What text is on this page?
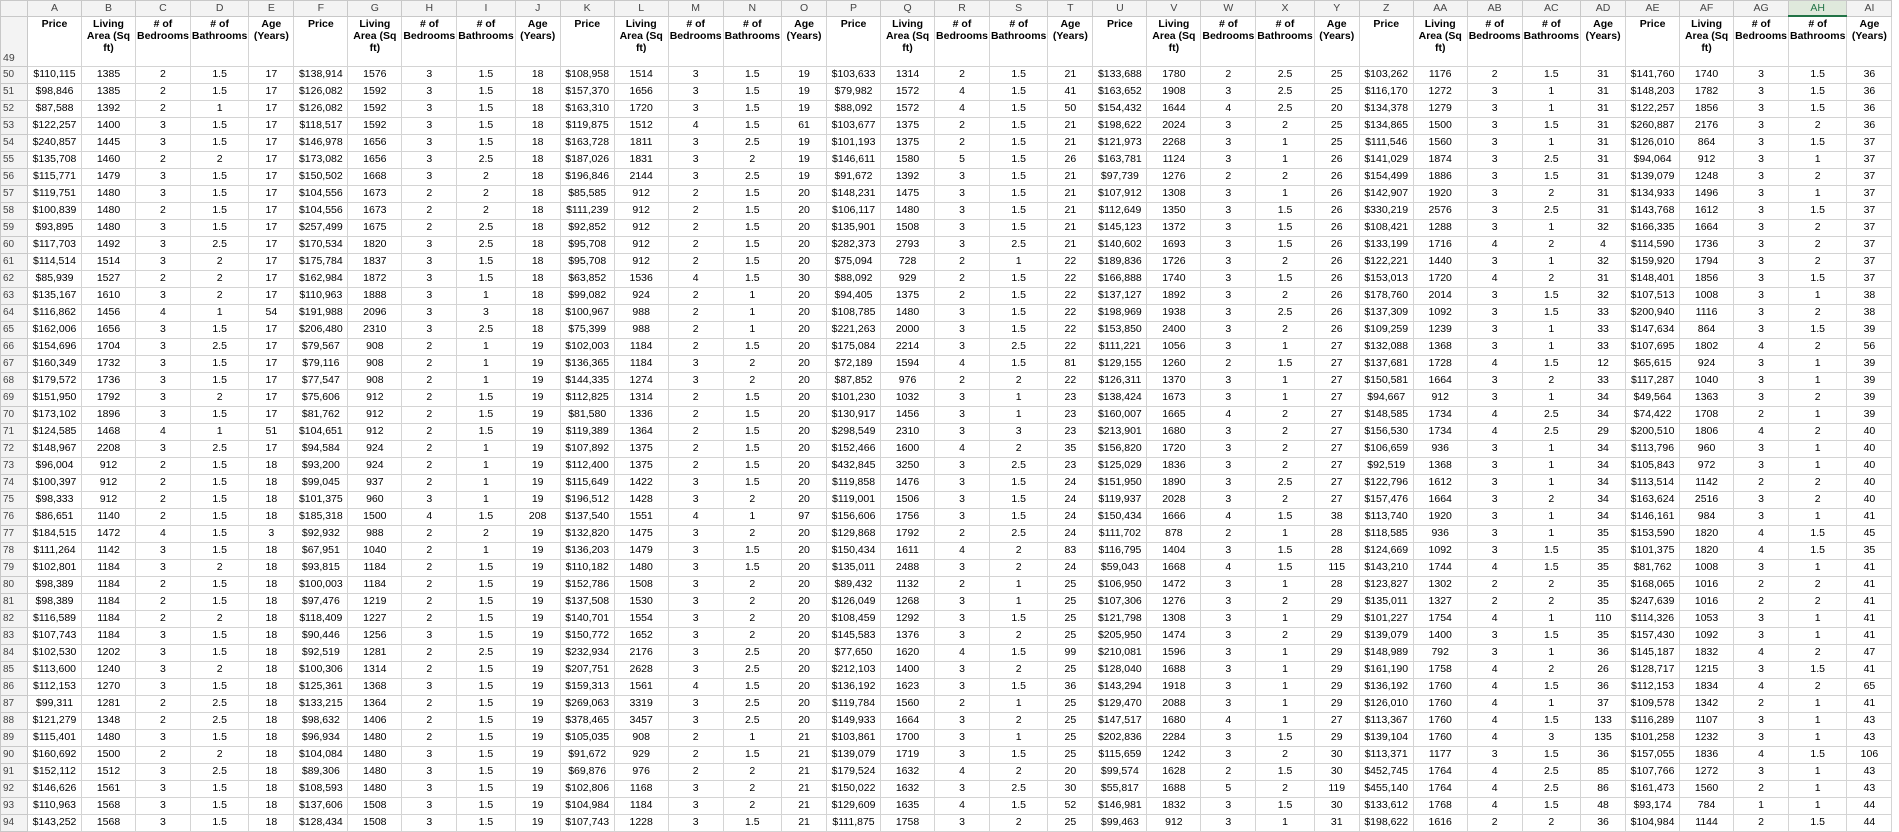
	A	B	C	D	E	F	G	H	I	J	K	L	M	N	O	P	Q	R	S	T	U	V	W	X	Y	Z	AA	AB	AC	AD	AE	AF	AG	AH	AI
49	Price	Living Area (Sq ft)	# of Bedrooms	# of Bathrooms	Age (Years)	Price	Living Area (Sq ft)	# of Bedrooms	# of Bathrooms	Age (Years)	Price	Living Area (Sq ft)	# of Bedrooms	# of Bathrooms	Age (Years)	Price	Living Area (Sq ft)	# of Bedrooms	# of Bathrooms	Age (Years)	Price	Living Area (Sq ft)	# of Bedrooms	# of Bathrooms	Age (Years)	Price	Living Area (Sq ft)	# of Bedrooms	# of Bathrooms	Age (Years)	Price	Living Area (Sq ft)	# of Bedrooms	# of Bathrooms	Age (Years)
50	$110,115	1385	2	1.5	17	$138,914	1576	3	1.5	18	$108,958	1514	3	1.5	19	$103,633	1314	2	1.5	21	$133,688	1780	2	2.5	25	$103,262	1176	2	1.5	31	$141,760	1740	3	1.5	36
51	$98,846	1385	2	1.5	17	$126,082	1592	3	1.5	18	$157,370	1656	3	1.5	19	$79,982	1572	4	1.5	41	$163,652	1908	3	2.5	25	$116,170	1272	3	1	31	$148,203	1782	3	1.5	36
52	$87,588	1392	2	1	17	$126,082	1592	3	1.5	18	$163,310	1720	3	1.5	19	$88,092	1572	4	1.5	50	$154,432	1644	4	2.5	20	$134,378	1279	3	1	31	$122,257	1856	3	1.5	36
53	$122,257	1400	3	1.5	17	$118,517	1592	3	1.5	18	$119,875	1512	4	1.5	61	$103,677	1375	2	1.5	21	$198,622	2024	3	2	25	$134,865	1500	3	1.5	31	$260,887	2176	3	2	36
54	$240,857	1445	3	1.5	17	$146,978	1656	3	1.5	18	$163,728	1811	3	2.5	19	$101,193	1375	2	1.5	21	$121,973	2268	3	1	25	$111,546	1560	3	1	31	$126,010	864	3	1.5	37
55	$135,708	1460	2	2	17	$173,082	1656	3	2.5	18	$187,026	1831	3	2	19	$146,611	1580	5	1.5	26	$163,781	1124	3	1	26	$141,029	1874	3	2.5	31	$94,064	912	3	1	37
56	$115,771	1479	3	1.5	17	$150,502	1668	3	2	18	$196,846	2144	3	2.5	19	$91,672	1392	3	1.5	21	$97,739	1276	2	2	26	$154,499	1886	3	1.5	31	$139,079	1248	3	2	37
57	$119,751	1480	3	1.5	17	$104,556	1673	2	2	18	$85,585	912	2	1.5	20	$148,231	1475	3	1.5	21	$107,912	1308	3	1	26	$142,907	1920	3	2	31	$134,933	1496	3	1	37
58	$100,839	1480	2	1.5	17	$104,556	1673	2	2	18	$111,239	912	2	1.5	20	$106,117	1480	3	1.5	21	$112,649	1350	3	1.5	26	$330,219	2576	3	2.5	31	$143,768	1612	3	1.5	37
59	$93,895	1480	3	1.5	17	$257,499	1675	2	2.5	18	$92,852	912	2	1.5	20	$135,901	1508	3	1.5	21	$145,123	1372	3	1.5	26	$108,421	1288	3	1	32	$166,335	1664	3	2	37
60	$117,703	1492	3	2.5	17	$170,534	1820	3	2.5	18	$95,708	912	2	1.5	20	$282,373	2793	3	2.5	21	$140,602	1693	3	1.5	26	$133,199	1716	4	2	4	$114,590	1736	3	2	37
61	$114,514	1514	3	2	17	$175,784	1837	3	1.5	18	$95,708	912	2	1.5	20	$75,094	728	2	1	22	$189,836	1726	3	2	26	$122,221	1440	3	1	32	$159,920	1794	3	2	37
62	$85,939	1527	2	2	17	$162,984	1872	3	1.5	18	$63,852	1536	4	1.5	30	$88,092	929	2	1.5	22	$166,888	1740	3	1.5	26	$153,013	1720	4	2	31	$148,401	1856	3	1.5	37
63	$135,167	1610	3	2	17	$110,963	1888	3	1	18	$99,082	924	2	1	20	$94,405	1375	2	1.5	22	$137,127	1892	3	2	26	$178,760	2014	3	1.5	32	$107,513	1008	3	1	38
64	$116,862	1456	4	1	54	$191,988	2096	3	3	18	$100,967	988	2	1	20	$108,785	1480	3	1.5	22	$198,969	1938	3	2.5	26	$137,309	1092	3	1.5	33	$200,940	1116	3	2	38
65	$162,006	1656	3	1.5	17	$206,480	2310	3	2.5	18	$75,399	988	2	1	20	$221,263	2000	3	1.5	22	$153,850	2400	3	2	26	$109,259	1239	3	1	33	$147,634	864	3	1.5	39
66	$154,696	1704	3	2.5	17	$79,567	908	2	1	19	$102,003	1184	2	1.5	20	$175,084	2214	3	2.5	22	$111,221	1056	3	1	27	$132,088	1368	3	1	33	$107,695	1802	4	2	56
67	$160,349	1732	3	1.5	17	$79,116	908	2	1	19	$136,365	1184	3	2	20	$72,189	1594	4	1.5	81	$129,155	1260	2	1.5	27	$137,681	1728	4	1.5	12	$65,615	924	3	1	39
68	$179,572	1736	3	1.5	17	$77,547	908	2	1	19	$144,335	1274	3	2	20	$87,852	976	2	2	22	$126,311	1370	3	1	27	$150,581	1664	3	2	33	$117,287	1040	3	1	39
69	$151,950	1792	3	2	17	$75,606	912	2	1.5	19	$112,825	1314	2	1.5	20	$101,230	1032	3	1	23	$138,424	1673	3	1	27	$94,667	912	3	1	34	$49,564	1363	3	2	39
70	$173,102	1896	3	1.5	17	$81,762	912	2	1.5	19	$81,580	1336	2	1.5	20	$130,917	1456	3	1	23	$160,007	1665	4	2	27	$148,585	1734	4	2.5	34	$74,422	1708	2	1	39
71	$124,585	1468	4	1	51	$104,651	912	2	1.5	19	$119,389	1364	2	1.5	20	$298,549	2310	3	3	23	$213,901	1680	3	2	27	$156,530	1734	4	2.5	29	$200,510	1806	4	2	40
72	$148,967	2208	3	2.5	17	$94,584	924	2	1	19	$107,892	1375	2	1.5	20	$152,466	1600	4	2	35	$156,820	1720	3	2	27	$106,659	936	3	1	34	$113,796	960	3	1	40
73	$96,004	912	2	1.5	18	$93,200	924	2	1	19	$112,400	1375	2	1.5	20	$432,845	3250	3	2.5	23	$125,029	1836	3	2	27	$92,519	1368	3	1	34	$105,843	972	3	1	40
74	$100,397	912	2	1.5	18	$99,045	937	2	1	19	$115,649	1422	3	1.5	20	$119,858	1476	3	1.5	24	$151,950	1890	3	2.5	27	$122,796	1612	3	1	34	$113,514	1142	2	2	40
75	$98,333	912	2	1.5	18	$101,375	960	3	1	19	$196,512	1428	3	2	20	$119,001	1506	3	1.5	24	$119,937	2028	3	2	27	$157,476	1664	3	2	34	$163,624	2516	3	2	40
76	$86,651	1140	2	1.5	18	$185,318	1500	4	1.5	208	$137,540	1551	4	1	97	$156,606	1756	3	1.5	24	$150,434	1666	4	1.5	38	$113,740	1920	3	1	34	$146,161	984	3	1	41
77	$184,515	1472	4	1.5	3	$92,932	988	2	2	19	$132,820	1475	3	2	20	$129,868	1792	2	2.5	24	$111,702	878	2	1	28	$118,585	936	3	1	35	$153,590	1820	4	1.5	45
78	$111,264	1142	3	1.5	18	$67,951	1040	2	1	19	$136,203	1479	3	1.5	20	$150,434	1611	4	2	83	$116,795	1404	3	1.5	28	$124,669	1092	3	1.5	35	$101,375	1820	4	1.5	35
79	$102,801	1184	3	2	18	$93,815	1184	2	1.5	19	$110,182	1480	3	1.5	20	$135,011	2488	3	2	24	$59,043	1668	4	1.5	115	$143,210	1744	4	1.5	35	$81,762	1008	3	1	41
80	$98,389	1184	2	1.5	18	$100,003	1184	2	1.5	19	$152,786	1508	3	2	20	$89,432	1132	2	1	25	$106,950	1472	3	1	28	$123,827	1302	2	2	35	$168,065	1016	2	2	41
81	$98,389	1184	2	1.5	18	$97,476	1219	2	1.5	19	$137,508	1530	3	2	20	$126,049	1268	3	1	25	$107,306	1276	3	2	29	$135,011	1327	2	2	35	$247,639	1016	2	2	41
82	$116,589	1184	2	2	18	$118,409	1227	2	1.5	19	$140,701	1554	3	2	20	$108,459	1292	3	1.5	25	$121,798	1308	3	1	29	$101,227	1754	4	1	110	$114,326	1053	3	1	41
83	$107,743	1184	3	1.5	18	$90,446	1256	3	1.5	19	$150,772	1652	3	2	20	$145,583	1376	3	2	25	$205,950	1474	3	2	29	$139,079	1400	3	1.5	35	$157,430	1092	3	1	41
84	$102,530	1202	3	1.5	18	$92,519	1281	2	2.5	19	$232,934	2176	3	2.5	20	$77,650	1620	4	1.5	99	$210,081	1596	3	1	29	$148,989	792	3	1	36	$145,187	1832	4	2	47
85	$113,600	1240	3	2	18	$100,306	1314	2	1.5	19	$207,751	2628	3	2.5	20	$212,103	1400	3	2	25	$128,040	1688	3	1	29	$161,190	1758	4	2	26	$128,717	1215	3	1.5	41
86	$112,153	1270	3	1.5	18	$125,361	1368	3	1.5	19	$159,313	1561	4	1.5	20	$136,192	1623	3	1.5	36	$143,294	1918	3	1	29	$136,192	1760	4	1.5	36	$112,153	1834	4	2	65
87	$99,311	1281	2	2.5	18	$133,215	1364	2	1.5	19	$269,063	3319	3	2.5	20	$119,784	1560	2	1	25	$129,470	2088	3	1	29	$126,010	1760	4	1	37	$109,578	1342	2	1	41
88	$121,279	1348	2	2.5	18	$98,632	1406	2	1.5	19	$378,465	3457	3	2.5	20	$149,933	1664	3	2	25	$147,517	1680	4	1	27	$113,367	1760	4	1.5	133	$116,289	1107	3	1	43
89	$115,401	1480	3	1.5	18	$96,934	1480	2	1.5	19	$105,035	908	2	1	21	$103,861	1700	3	1	25	$202,836	2284	3	1.5	29	$139,104	1760	4	3	135	$101,258	1232	3	1	43
90	$160,692	1500	2	2	18	$104,084	1480	3	1.5	19	$91,672	929	2	1.5	21	$139,079	1719	3	1.5	25	$115,659	1242	3	2	30	$113,371	1177	3	1.5	36	$157,055	1836	4	1.5	106
91	$152,112	1512	3	2.5	18	$89,306	1480	3	1.5	19	$69,876	976	2	2	21	$179,524	1632	4	2	20	$99,574	1628	2	1.5	30	$452,745	1764	4	2.5	85	$107,766	1272	3	1	43
92	$146,626	1561	3	1.5	18	$108,593	1480	3	1.5	19	$102,806	1168	3	2	21	$150,022	1632	3	2.5	30	$55,817	1688	5	2	119	$455,140	1764	4	2.5	86	$161,473	1560	2	1	43
93	$110,963	1568	3	1.5	18	$137,606	1508	3	1.5	19	$104,984	1184	3	2	21	$129,609	1635	4	1.5	52	$146,981	1832	3	1.5	30	$133,612	1768	4	1.5	48	$93,174	784	1	1	44
94	$143,252	1568	3	1.5	18	$128,434	1508	3	1.5	19	$107,743	1228	3	1.5	21	$111,875	1758	3	2	25	$99,463	912	3	1	31	$198,622	1616	2	2	36	$104,984	1144	2	1.5	44
